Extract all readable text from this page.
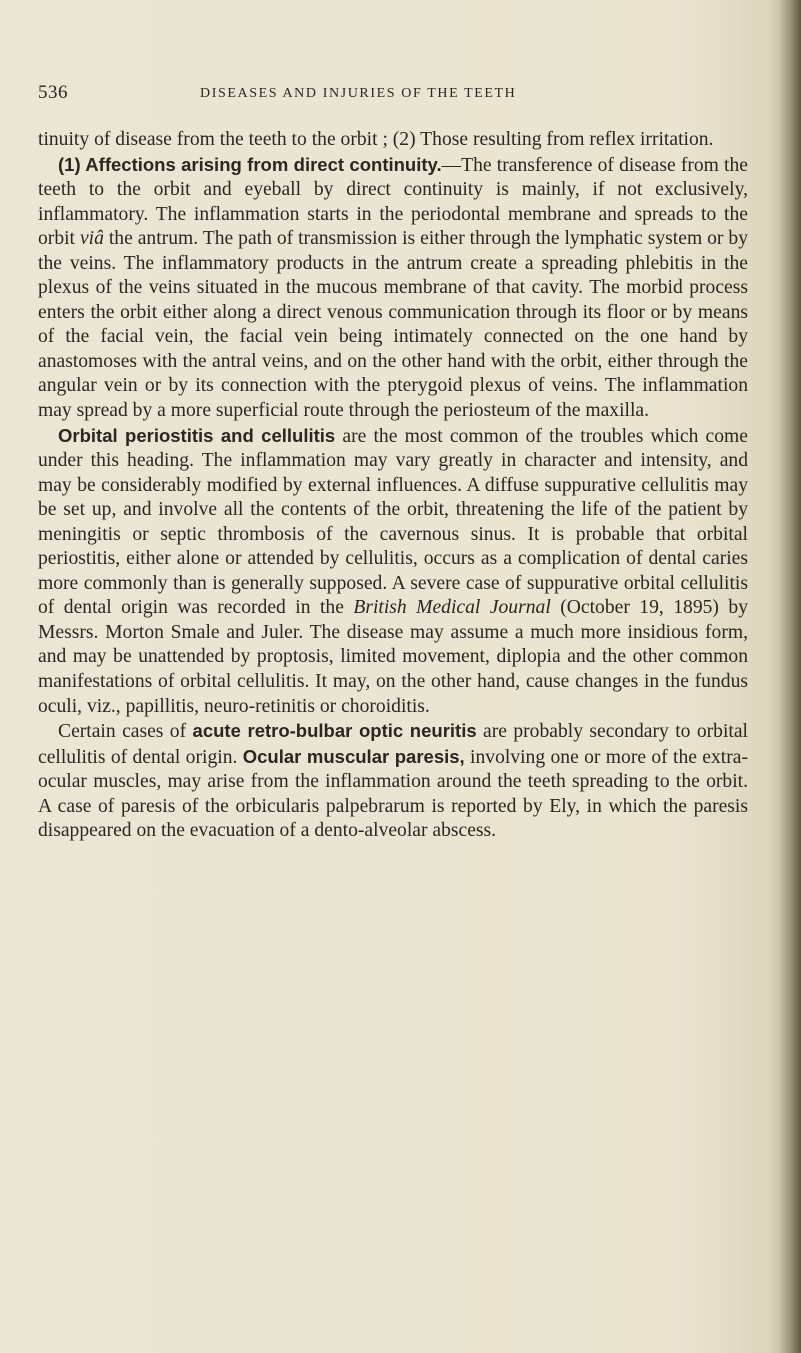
536	DISEASES AND INJURIES OF THE TEETH

tinuity of disease from the teeth to the orbit ; (2) Those resulting from reflex irritation.

(1) Affections arising from direct continuity.—The transference of disease from the teeth to the orbit and eyeball by direct continuity is mainly, if not exclusively, inflammatory. The inflammation starts in the periodontal membrane and spreads to the orbit viâ the antrum. The path of transmission is either through the lymphatic system or by the veins. The inflammatory products in the antrum create a spreading phlebitis in the plexus of the veins situated in the mucous membrane of that cavity. The morbid process enters the orbit either along a direct venous communication through its floor or by means of the facial vein, the facial vein being intimately connected on the one hand by anastomoses with the antral veins, and on the other hand with the orbit, either through the angular vein or by its connection with the pterygoid plexus of veins. The inflammation may spread by a more superficial route through the periosteum of the maxilla.

Orbital periostitis and cellulitis are the most common of the troubles which come under this heading. The inflammation may vary greatly in character and intensity, and may be considerably modified by external influences. A diffuse suppurative cellulitis may be set up, and involve all the contents of the orbit, threatening the life of the patient by meningitis or septic thrombosis of the cavernous sinus. It is probable that orbital periostitis, either alone or attended by cellulitis, occurs as a complication of dental caries more commonly than is generally supposed. A severe case of suppurative orbital cellulitis of dental origin was recorded in the British Medical Journal (October 19, 1895) by Messrs. Morton Smale and Juler. The disease may assume a much more insidious form, and may be unattended by proptosis, limited movement, diplopia and the other common manifestations of orbital cellulitis. It may, on the other hand, cause changes in the fundus oculi, viz., papillitis, neuro-retinitis or choroiditis.

Certain cases of acute retro-bulbar optic neuritis are probably secondary to orbital cellulitis of dental origin. Ocular muscular paresis, involving one or more of the extra-ocular muscles, may arise from the inflammation around the teeth spreading to the orbit. A case of paresis of the orbicularis palpebrarum is reported by Ely, in which the paresis disappeared on the evacuation of a dento-alveolar abscess.
